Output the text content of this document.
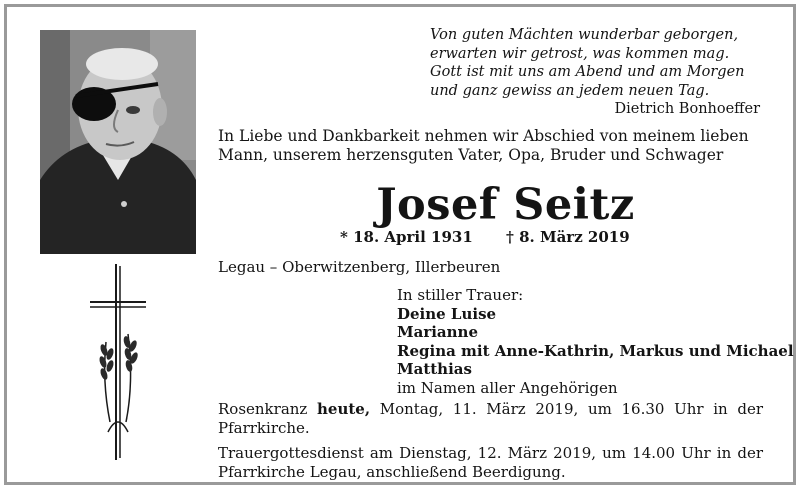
Von guten Mächten wunderbar geborgen,
erwarten wir getrost, was kommen mag.
Gott ist mit uns am Abend und am Morgen
und ganz gewiss an jedem neuen Tag.
Dietrich Bonhoeffer
In Liebe und Dankbarkeit nehmen wir Abschied von meinem lieben
Mann, unserem herzensguten Vater, Opa, Bruder und Schwager
Josef Seitz
* 18. April 1931 † 8. März 2019
Legau – Oberwitzenberg, Illerbeuren
In stiller Trauer:
Deine Luise
Marianne
Regina mit Anne-Kathrin, Markus und Michael
Matthias
im Namen aller Angehörigen

Rosenkranz heute, Montag, 11. März 2019, um 16.30 Uhr in der Pfarrkirche.

Trauergottesdienst am Dienstag, 12. März 2019, um 14.00 Uhr in der Pfarrkirche Legau, anschließend Beerdigung.
